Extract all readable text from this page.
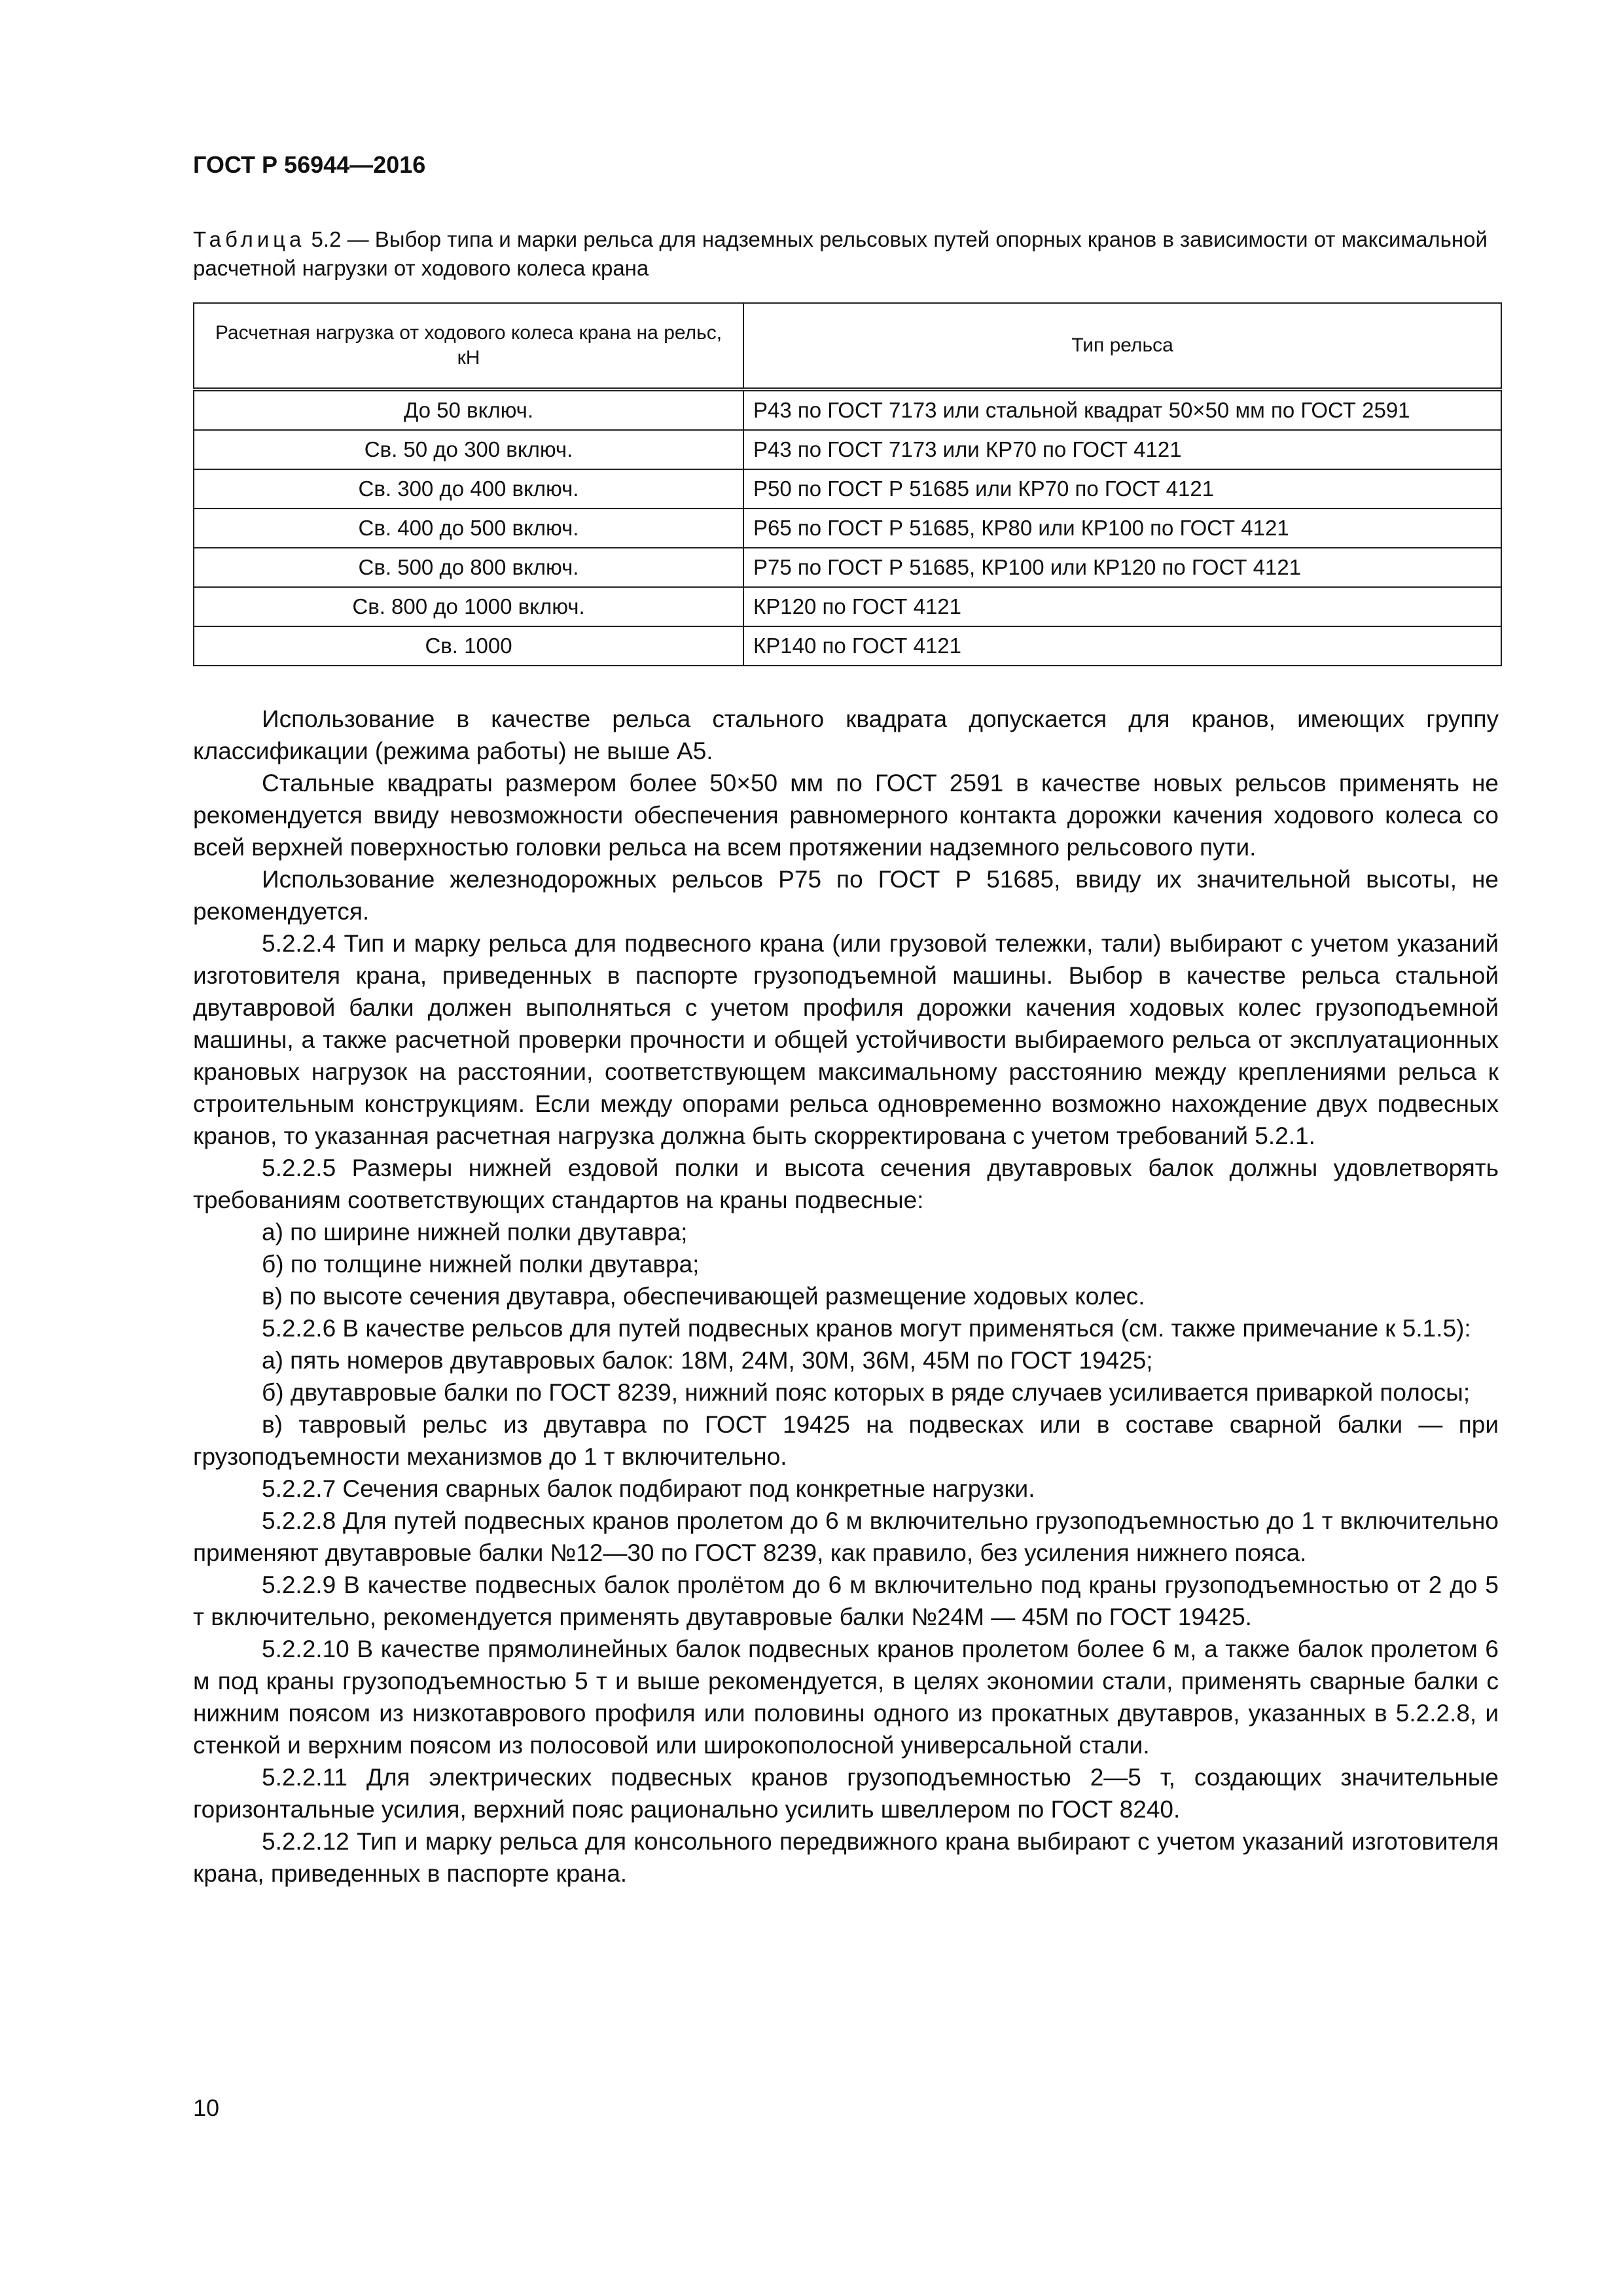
ГОСТ Р 56944—2016
Таблица 5.2 — Выбор типа и марки рельса для надземных рельсовых путей опорных кранов в зависимости от максимальной расчетной нагрузки от ходового колеса крана
Расчетная нагрузка от ходового колеса крана на рельс, кН	Тип рельса
До 50 включ.	Р43 по ГОСТ 7173 или стальной квадрат 50×50 мм по ГОСТ 2591
Св. 50 до 300 включ.	Р43 по ГОСТ 7173 или КР70 по ГОСТ 4121
Св. 300 до 400 включ.	Р50 по ГОСТ Р 51685 или КР70 по ГОСТ 4121
Св. 400 до 500 включ.	Р65 по ГОСТ Р 51685, КР80 или КР100 по ГОСТ 4121
Св. 500 до 800 включ.	Р75 по ГОСТ Р 51685, КР100 или КР120 по ГОСТ 4121
Св. 800 до 1000 включ.	КР120 по ГОСТ 4121
Св. 1000	КР140 по ГОСТ 4121

Использование в качестве рельса стального квадрата допускается для кранов, имеющих группу классификации (режима работы) не выше А5.

Стальные квадраты размером более 50×50 мм по ГОСТ 2591 в качестве новых рельсов применять не рекомендуется ввиду невозможности обеспечения равномерного контакта дорожки качения ходового колеса со всей верхней поверхностью головки рельса на всем протяжении надземного рельсового пути.

Использование железнодорожных рельсов Р75 по ГОСТ Р 51685, ввиду их значительной высоты, не рекомендуется.

5.2.2.4 Тип и марку рельса для подвесного крана (или грузовой тележки, тали) выбирают с учетом указаний изготовителя крана, приведенных в паспорте грузоподъемной машины. Выбор в качестве рельса стальной двутавровой балки должен выполняться с учетом профиля дорожки качения ходовых колес грузоподъемной машины, а также расчетной проверки прочности и общей устойчивости выбираемого рельса от эксплуатационных крановых нагрузок на расстоянии, соответствующем максимальному расстоянию между креплениями рельса к строительным конструкциям. Если между опорами рельса одновременно возможно нахождение двух подвесных кранов, то указанная расчетная нагрузка должна быть скорректирована с учетом требований 5.2.1.

5.2.2.5 Размеры нижней ездовой полки и высота сечения двутавровых балок должны удовлетворять требованиям соответствующих стандартов на краны подвесные:

а) по ширине нижней полки двутавра;

б) по толщине нижней полки двутавра;

в) по высоте сечения двутавра, обеспечивающей размещение ходовых колес.

5.2.2.6 В качестве рельсов для путей подвесных кранов могут применяться (см. также примечание к 5.1.5):

а) пять номеров двутавровых балок: 18М, 24М, 30М, 36М, 45М по ГОСТ 19425;

б) двутавровые балки по ГОСТ 8239, нижний пояс которых в ряде случаев усиливается приваркой полосы;

в) тавровый рельс из двутавра по ГОСТ 19425 на подвесках или в составе сварной балки — при грузоподъемности механизмов до 1 т включительно.

5.2.2.7 Сечения сварных балок подбирают под конкретные нагрузки.

5.2.2.8 Для путей подвесных кранов пролетом до 6 м включительно грузоподъемностью до 1 т включительно применяют двутавровые балки №12—30 по ГОСТ 8239, как правило, без усиления нижнего пояса.

5.2.2.9 В качестве подвесных балок пролётом до 6 м включительно под краны грузоподъемностью от 2 до 5 т включительно, рекомендуется применять двутавровые балки №24М — 45М по ГОСТ 19425.

5.2.2.10 В качестве прямолинейных балок подвесных кранов пролетом более 6 м, а также балок пролетом 6 м под краны грузоподъемностью 5 т и выше рекомендуется, в целях экономии стали, применять сварные балки с нижним поясом из низкотаврового профиля или половины одного из прокатных двутавров, указанных в 5.2.2.8, и стенкой и верхним поясом из полосовой или широкополосной универсальной стали.

5.2.2.11 Для электрических подвесных кранов грузоподъемностью 2—5 т, создающих значительные горизонтальные усилия, верхний пояс рационально усилить швеллером по ГОСТ 8240.

5.2.2.12 Тип и марку рельса для консольного передвижного крана выбирают с учетом указаний изготовителя крана, приведенных в паспорте крана.

10
